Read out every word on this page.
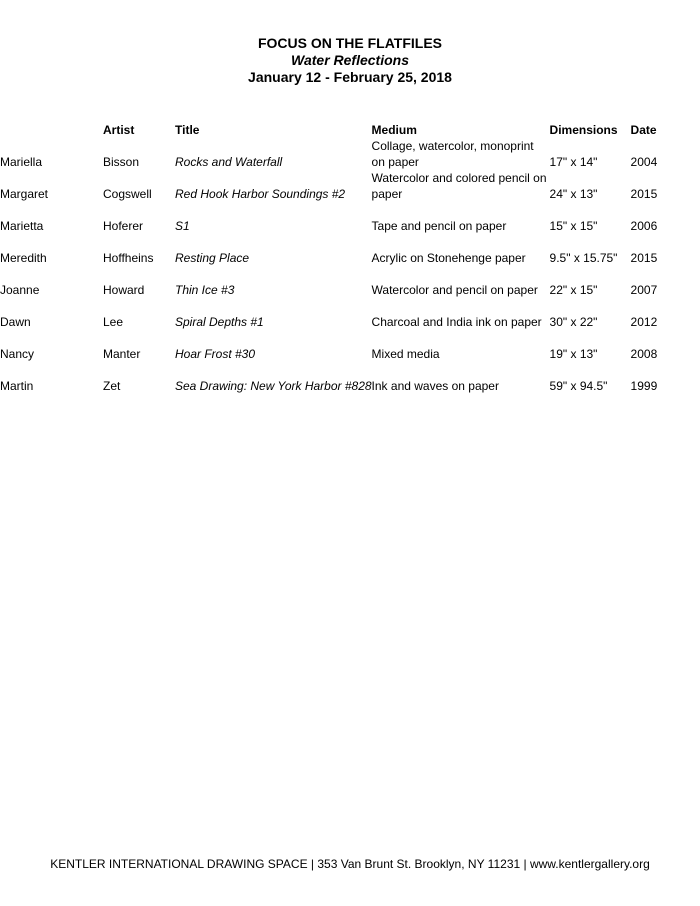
FOCUS ON THE FLATFILES
Water Reflections
January 12 - February 25, 2018
	Artist	Title	Medium	Dimensions	Date
Mariella	Bisson	Rocks and Waterfall	Collage, watercolor, monoprint on paper	17" x 14"	2004
Margaret	Cogswell	Red Hook Harbor Soundings #2	Watercolor and colored pencil on paper	24" x 13"	2015
Marietta	Hoferer	S1	Tape and pencil on paper	15" x 15"	2006
Meredith	Hoffheins	Resting Place	Acrylic on Stonehenge paper	9.5" x 15.75"	2015
Joanne	Howard	Thin Ice #3	Watercolor and pencil on paper	22" x 15"	2007
Dawn	Lee	Spiral Depths #1	Charcoal and India ink on paper	30" x 22"	2012
Nancy	Manter	Hoar Frost #30	Mixed media	19" x 13"	2008
Martin	Zet	Sea Drawing: New York Harbor #828	Ink and waves on paper	59" x 94.5"	1999
KENTLER INTERNATIONAL DRAWING SPACE | 353 Van Brunt St. Brooklyn, NY 11231 | www.kentlergallery.org
